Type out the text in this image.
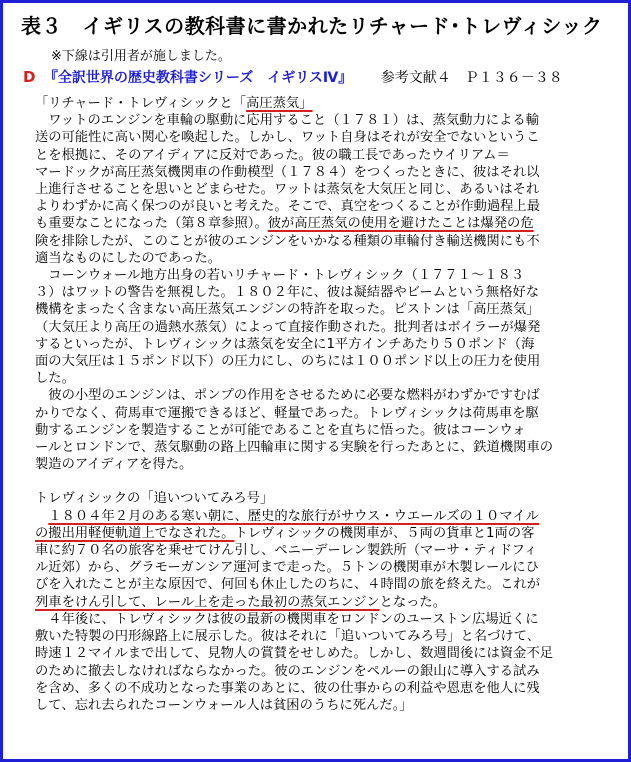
表３　イギリスの教科書に書かれたリチャード･トレヴィシック
※下線は引用者が施しました。
D 『全訳世界の歴史教科書シリーズ　イギリスⅣ』 参考文献４　Ｐ１３６－３８
「リチャード・トレヴィシックと「高圧蒸気」
　ワットのエンジンを車輪の駆動に応用すること（１７８１）は、蒸気動力による輸
送の可能性に高い関心を喚起した。しかし、ワット自身はそれが安全でないというこ
とを根拠に、そのアイディアに反対であった。彼の職工長であったウイリアム＝
マードックが高圧蒸気機関車の作動模型（１７８４）をつくったときに、彼はそれ以
上進行させることを思いとどまらせた。ワットは蒸気を大気圧と同じ、あるいはそれ
よりわずかに高く保つのが良いと考えた。そこで、真空をつくることが作動過程上最
も重要なことになった（第８章参照）。彼が高圧蒸気の使用を避けたことは爆発の危
険を排除したが、このことが彼のエンジンをいかなる種類の車輪付き輸送機関にも不
適当なものにしたのであった。
　コーンウォール地方出身の若いリチャード・トレヴィシック（１７７１～１８３
３）はワットの警告を無視した。１８０２年に、彼は凝結器やビームという無格好な
機構をまったく含まない高圧蒸気エンジンの特許を取った。ピストンは「高圧蒸気」
（大気圧より高圧の過熱水蒸気）によって直接作動された。批判者はボイラーが爆発
するといったが、トレヴィシックは蒸気を安全に1平方インチあたり５０ポンド（海
面の大気圧は１５ポンド以下）の圧力にし、のちには１００ポンド以上の圧力を使用
した。
　彼の小型のエンジンは、ポンプの作用をさせるために必要な燃料がわずかですむば
かりでなく、荷馬車で運搬できるほど、軽量であった。トレヴィシックは荷馬車を駆
動するエンジンを製造することが可能であることを直ちに悟った。彼はコーンウォ
ールとロンドンで、蒸気駆動の路上四輪車に関する実験を行ったあとに、鉄道機関車の
製造のアイディアを得た。
トレヴィシックの「追いついてみろ号」
　１８０４年２月のある寒い朝に、歴史的な旅行がサウス・ウエールズの１０マイル
の搬出用軽便軌道上でなされた。トレヴィシックの機関車が、５両の貨車と1両の客
車に約７０名の旅客を乗せてけん引し、ペニーデーレン製鉄所（マーサ・ティドフィ
ル近郊）から、グラモーガンシア運河まで走った。５トンの機関車が木製レールにひ
びを入れたことが主な原因で、何回も休止したのちに、４時間の旅を終えた。これが
列車をけん引して、レール上を走った最初の蒸気エンジンとなった。
　４年後に、トレヴィシックは彼の最新の機関車をロンドンのユーストン広場近くに
敷いた特製の円形線路上に展示した。彼はそれに「追いついてみろ号」と名づけて、
時速１２マイルまで出して、見物人の賞賛をせしめた。しかし、数週間後には資金不足
のために撤去しなければならなかった。彼のエンジンをペルーの銀山に導入する試み
を含め、多くの不成功となった事業のあとに、彼の仕事からの利益や恩恵を他人に残
して、忘れ去られたコーンウォール人は貧困のうちに死んだ。」
